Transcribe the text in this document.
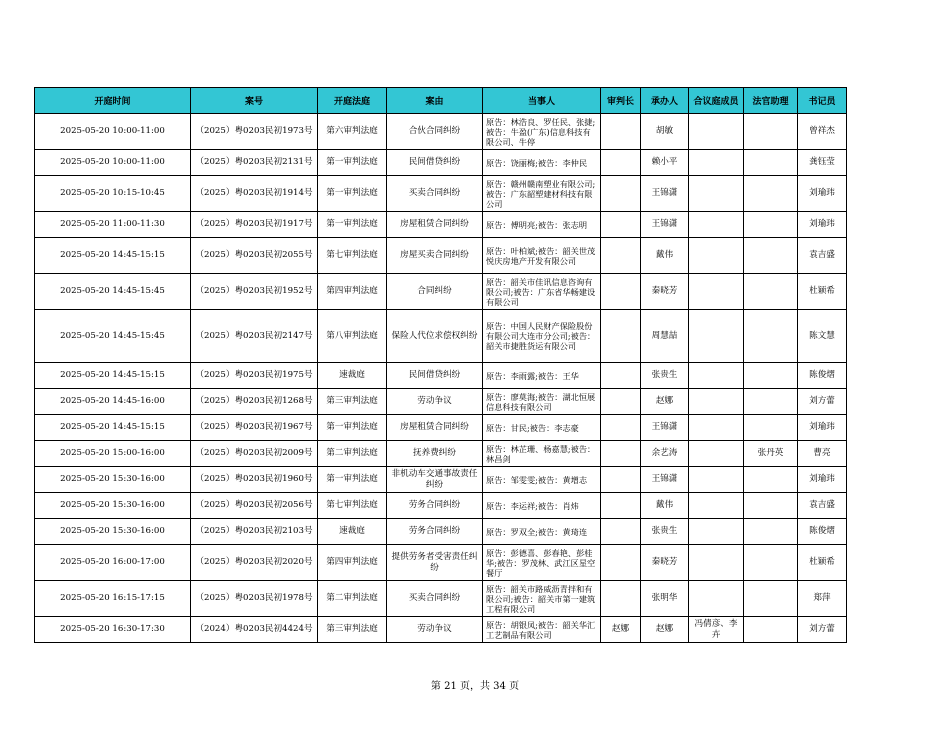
开庭时间	案号	开庭法庭	案由	当事人	审判长	承办人	合议庭成员	法官助理	书记员
2025-05-20 10:00-11:00	（2025）粤0203民初1973号	第六审判法庭	合伙合同纠纷	原告：林浩良、罗任民、张捷;被告：牛盈(广东)信息科技有限公司、牛停		胡敏			曾祥杰
2025-05-20 10:00-11:00	（2025）粤0203民初2131号	第一审判法庭	民间借贷纠纷	原告：饶丽梅;被告：李仲民		赖小平			龚钰莹
2025-05-20 10:15-10:45	（2025）粤0203民初1914号	第一审判法庭	买卖合同纠纷	原告：赣州赣南塑业有限公司;被告：广东韶塑建材科技有限公司		王锦潇			刘瑜玮
2025-05-20 11:00-11:30	（2025）粤0203民初1917号	第一审判法庭	房屋租赁合同纠纷	原告：傅明亮;被告：张志明		王锦潇			刘瑜玮
2025-05-20 14:45-15:15	（2025）粤0203民初2055号	第七审判法庭	房屋买卖合同纠纷	原告：叶柏斌;被告：韶关世茂悦庆房地产开发有限公司		戴伟			袁吉盛
2025-05-20 14:45-15:45	（2025）粤0203民初1952号	第四审判法庭	合同纠纷	原告：韶关市佳讯信息咨询有限公司;被告：广东省华畅建设有限公司		秦晓芳			杜颖希
2025-05-20 14:45-15:45	（2025）粤0203民初2147号	第八审判法庭	保险人代位求偿权纠纷	原告：中国人民财产保险股份有限公司大连市分公司;被告：韶关市捷胜货运有限公司		周慧喆			陈文慧
2025-05-20 14:45-15:15	（2025）粤0203民初1975号	速裁庭	民间借贷纠纷	原告：李雨露;被告：王华		张贵生			陈俊熠
2025-05-20 14:45-16:00	（2025）粤0203民初1268号	第三审判法庭	劳动争议	原告：廖莫海;被告：湖北恒展信息科技有限公司		赵娜			刘方蕾
2025-05-20 14:45-15:15	（2025）粤0203民初1967号	第一审判法庭	房屋租赁合同纠纷	原告：甘民;被告：李志豪		王锦潇			刘瑜玮
2025-05-20 15:00-16:00	（2025）粤0203民初2009号	第二审判法庭	抚养费纠纷	原告：林芷珊、杨嘉慧;被告：林昌剑		余艺涛		张丹英	曹亮
2025-05-20 15:30-16:00	（2025）粤0203民初1960号	第一审判法庭	非机动车交通事故责任纠纷	原告：邹雯雯;被告：黄增志		王锦潇			刘瑜玮
2025-05-20 15:30-16:00	（2025）粤0203民初2056号	第七审判法庭	劳务合同纠纷	原告：李运祥;被告：肖炜		戴伟			袁吉盛
2025-05-20 15:30-16:00	（2025）粤0203民初2103号	速裁庭	劳务合同纠纷	原告：罗双全;被告：黄琦连		张贵生			陈俊熠
2025-05-20 16:00-17:00	（2025）粤0203民初2020号	第四审判法庭	提供劳务者受害责任纠纷	原告：彭德喜、彭春艳、彭桂华;被告：罗茂林、武江区星空餐厅		秦晓芳			杜颖希
2025-05-20 16:15-17:15	（2025）粤0203民初1978号	第二审判法庭	买卖合同纠纷	原告：韶关市路威沥青拌和有限公司;被告：韶关市第一建筑工程有限公司		张明华			郑萍
2025-05-20 16:30-17:30	（2024）粤0203民初4424号	第三审判法庭	劳动争议	原告：胡银凤;被告：韶关华汇工艺制品有限公司	赵娜	赵娜	冯倩彦、李卉		刘方蕾
第 21 页，共 34 页
